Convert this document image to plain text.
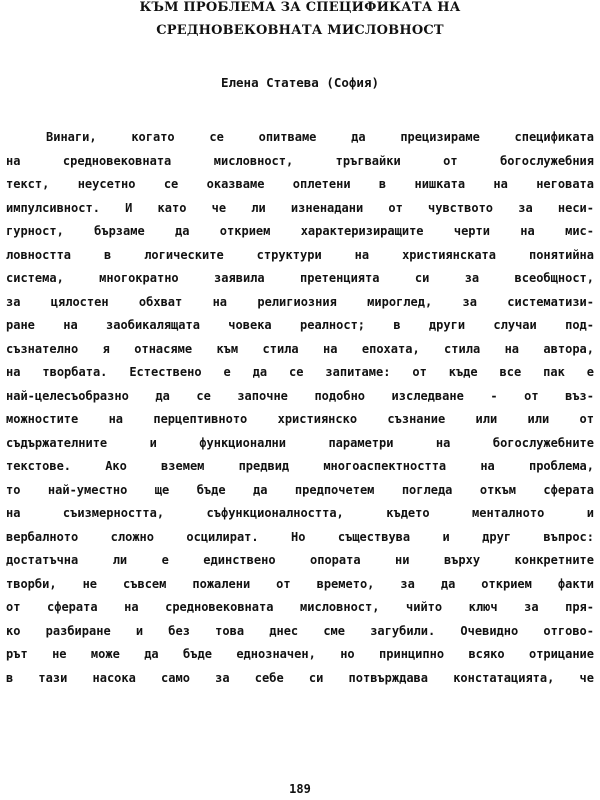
КЪМ ПРОБЛЕМА ЗА СПЕЦИФИКАТА НА
СРЕДНОВЕКОВНАТА МИСЛОВНОСТ
Елена Статева (София)
Винаги, когато се опитваме да прецизираме спецификата
на средновековната мисловност, тръгвайки от богослужебния
текст, неусетно се оказваме оплетени в нишката на неговата
импулсивност. И като че ли изненадани от чувството за неси-
гурност, бързаме да открием характеризиращите черти на мис-
ловността в логическите структури на християнската понятийна
система, многократно заявила претенцията си за всеобщност,
за цялостен обхват на религиозния мироглед, за систематизи-
ране на заобикалящата човека реалност; в други случаи под-
съзнателно я отнасяме към стила на епохата, стила на автора,
на творбата. Естествено е да се запитаме: от къде все пак е
най-целесъобразно да се започне подобно изследване - от въз-
можностите на перцептивното християнско съзнание или или от
съдържателните и функционални параметри на богослужебните
текстове. Ако вземем предвид многоаспектността на проблема,
то най-уместно ще бъде да предпочетем погледа откъм сферата
на съизмерността, съфункционалността, където менталното и
вербалното сложно осцилират. Но съществува и друг въпрос:
достатъчна ли е единствено опората ни върху конкретните
творби, не съвсем пожалени от времето, за да открием факти
от сферата на средновековната мисловност, чийто ключ за пря-
ко разбиране и без това днес сме загубили. Очевидно отгово-
рът не може да бъде еднозначен, но принципно всяко отрицание
в тази насока само за себе си потвърждава констатацията, че
189
